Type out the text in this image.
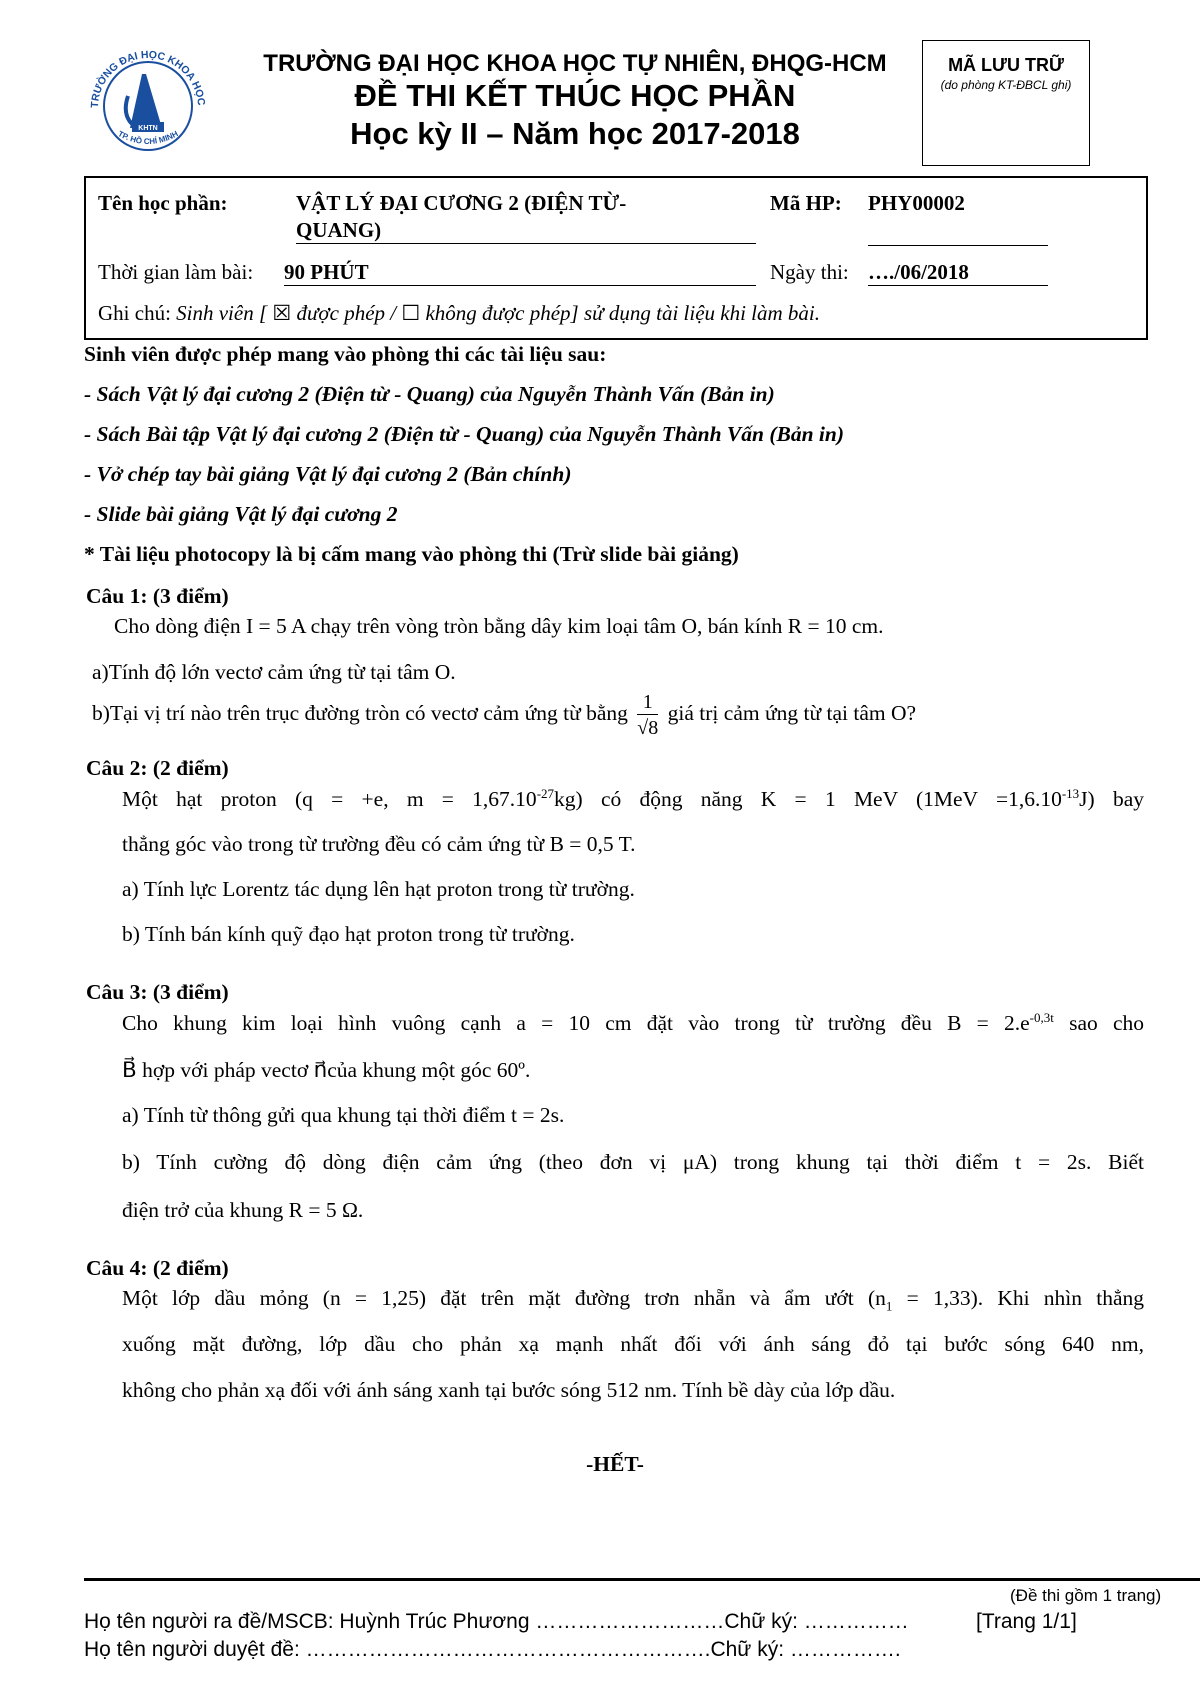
TRƯỜNG ĐẠI HỌC KHOA HỌC
TP. HỒ CHÍ MINH
KHTN
TRƯỜNG ĐẠI HỌC KHOA HỌC TỰ NHIÊN, ĐHQG-HCM
ĐỀ THI KẾT THÚC HỌC PHẦN
Học kỳ II – Năm học 2017-2018
MÃ LƯU TRỮ
(do phòng KT-ĐBCL ghi)
Tên học phần:	VẬT LÝ ĐẠI CƯƠNG 2 (ĐIỆN TỪ-
QUANG)
Mã HP: PHY00002
Thời gian làm bài: 90 PHÚT	Ngày thi: …./06/2018
Ghi chú: Sinh viên [ ☒ được phép / ☐ không được phép] sử dụng tài liệu khi làm bài.
Sinh viên được phép mang vào phòng thi các tài liệu sau:
- Sách Vật lý đại cương 2 (Điện từ - Quang) của Nguyễn Thành Vấn (Bản in)
- Sách Bài tập Vật lý đại cương 2 (Điện từ - Quang) của Nguyễn Thành Vấn (Bản in)
- Vở chép tay bài giảng Vật lý đại cương 2 (Bản chính)
- Slide bài giảng Vật lý đại cương 2
* Tài liệu photocopy là bị cấm mang vào phòng thi (Trừ slide bài giảng)
Câu 1: (3 điểm)
Cho dòng điện I = 5 A chạy trên vòng tròn bằng dây kim loại tâm O, bán kính R = 10 cm.
a)Tính độ lớn vectơ cảm ứng từ tại tâm O.
b)Tại vị trí nào trên trục đường tròn có vectơ cảm ứng từ bằng $\frac{1}{√8}$ giá trị cảm ứng từ tại tâm O?
Câu 2: (2 điểm)
Một hạt proton (q = +e, $m = 1,67.10^{-27}kg$) có động năng K = 1 MeV $(1MeV =1,6.10^{-13}J)$ bay
thẳng góc vào trong từ trường đều có cảm ứng từ B = 0,5 T.
a) Tính lực Lorentz tác dụng lên hạt proton trong từ trường.
b) Tính bán kính quỹ đạo hạt proton trong từ trường.
Câu 3: (3 điểm)
Cho khung kim loại hình vuông cạnh a = 10 cm đặt vào trong từ trường đều $B = 2.e^{-0,3t}$ sao cho
B⃗ hợp với pháp vectơ n⃗của khung một góc 60º.
a) Tính từ thông gửi qua khung tại thời điểm t = 2s.
b) Tính cường độ dòng điện cảm ứng (theo đơn vị μA) trong khung tại thời điểm t = 2s. Biết
điện trở của khung R = 5 Ω.
Câu 4: (2 điểm)
Một lớp dầu mỏng (n = 1,25) đặt trên mặt đường trơn nhẵn và ẩm ướt $(n_1 = 1,33)$. Khi nhìn thẳng
xuống mặt đường, lớp dầu cho phản xạ mạnh nhất đối với ánh sáng đỏ tại bước sóng 640 nm,
không cho phản xạ đối với ánh sáng xanh tại bước sóng 512 nm. Tính bề dày của lớp dầu.
-HẾT-
(Đề thi gồm 1 trang)
Họ tên người ra đề/MSCB: Huỳnh Trúc Phương ………………………Chữ ký: ……………	[Trang 1/1]
Họ tên người duyệt đề: ………………………………………………….Chữ ký: …………….
